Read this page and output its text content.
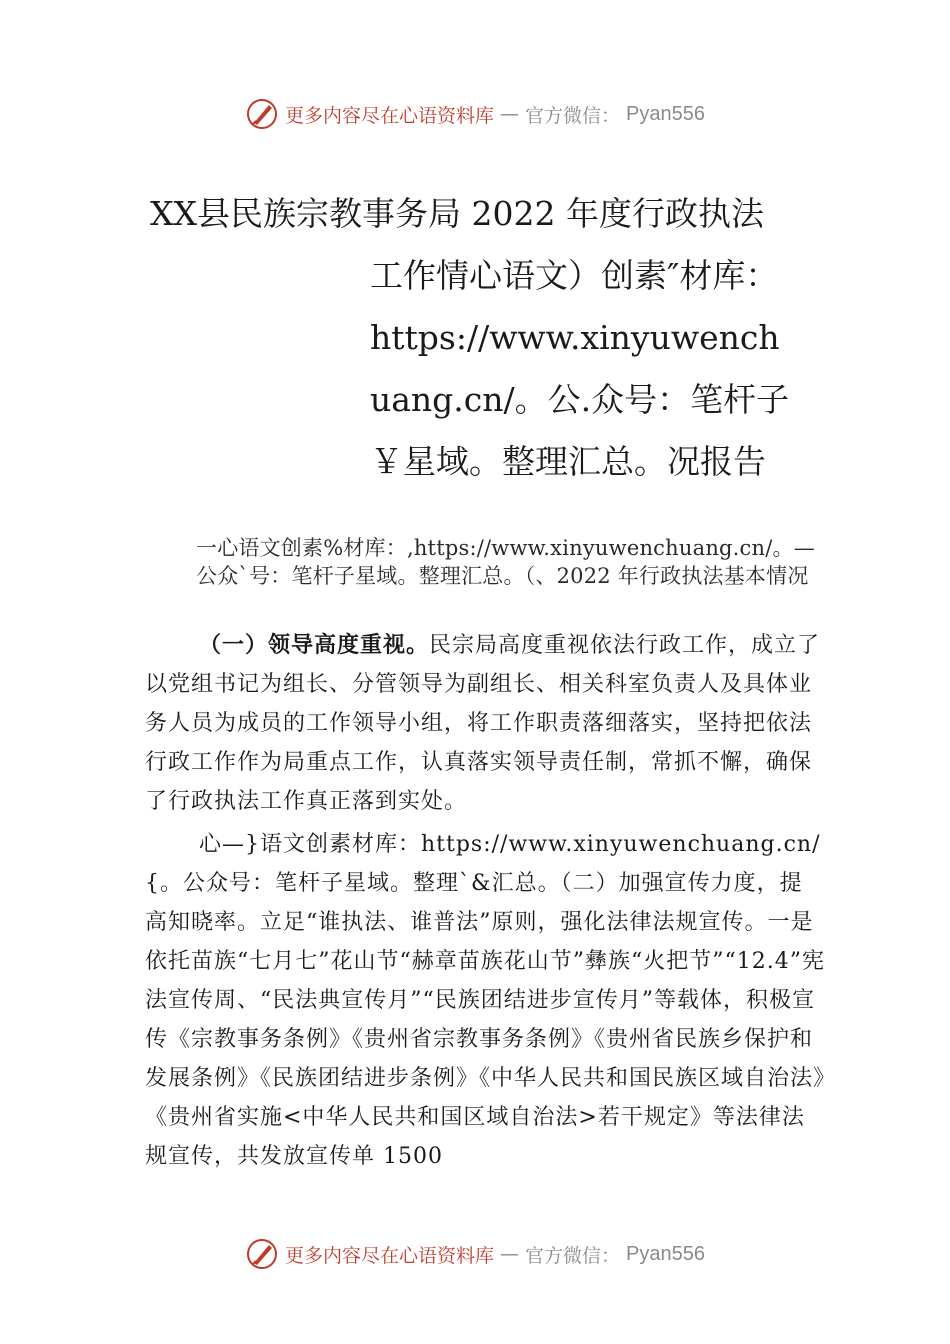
更多内容尽在心语资料库 — 官方微信： Pyan556
XX县民族宗教事务局 2022 年度行政执法
工作情心语文）创素″材库：https://www.xinyuwenchuang.cn/。公.众号：笔杆子￥星域。整理汇总。况报告
一心语文创素%材库：,https://www.xinyuwenchuang.cn/。—公众`号：笔杆子星域。整理汇总。（、2022 年行政执法基本情况
（一）领导高度重视。民宗局高度重视依法行政工作，成立了以党组书记为组长、分管领导为副组长、相关科室负责人及具体业务人员为成员的工作领导小组，将工作职责落细落实，坚持把依法行政工作作为局重点工作，认真落实领导责任制，常抓不懈，确保了行政执法工作真正落到实处。
心—}语文创素材库：https://www.xinyuwenchuang.cn/{。公众号：笔杆子星域。整理`&汇总。（二）加强宣传力度，提高知晓率。立足“谁执法、谁普法”原则，强化法律法规宣传。一是依托苗族“七月七”花山节“赫章苗族花山节”彝族“火把节”“12.4”宪法宣传周、“民法典宣传月”“民族团结进步宣传月”等载体，积极宣传《宗教事务条例》《贵州省宗教事务条例》《贵州省民族乡保护和发展条例》《民族团结进步条例》《中华人民共和国民族区域自治法》《贵州省实施<中华人民共和国区域自治法>若干规定》等法律法规宣传，共发放宣传单 1500
更多内容尽在心语资料库 — 官方微信： Pyan556
